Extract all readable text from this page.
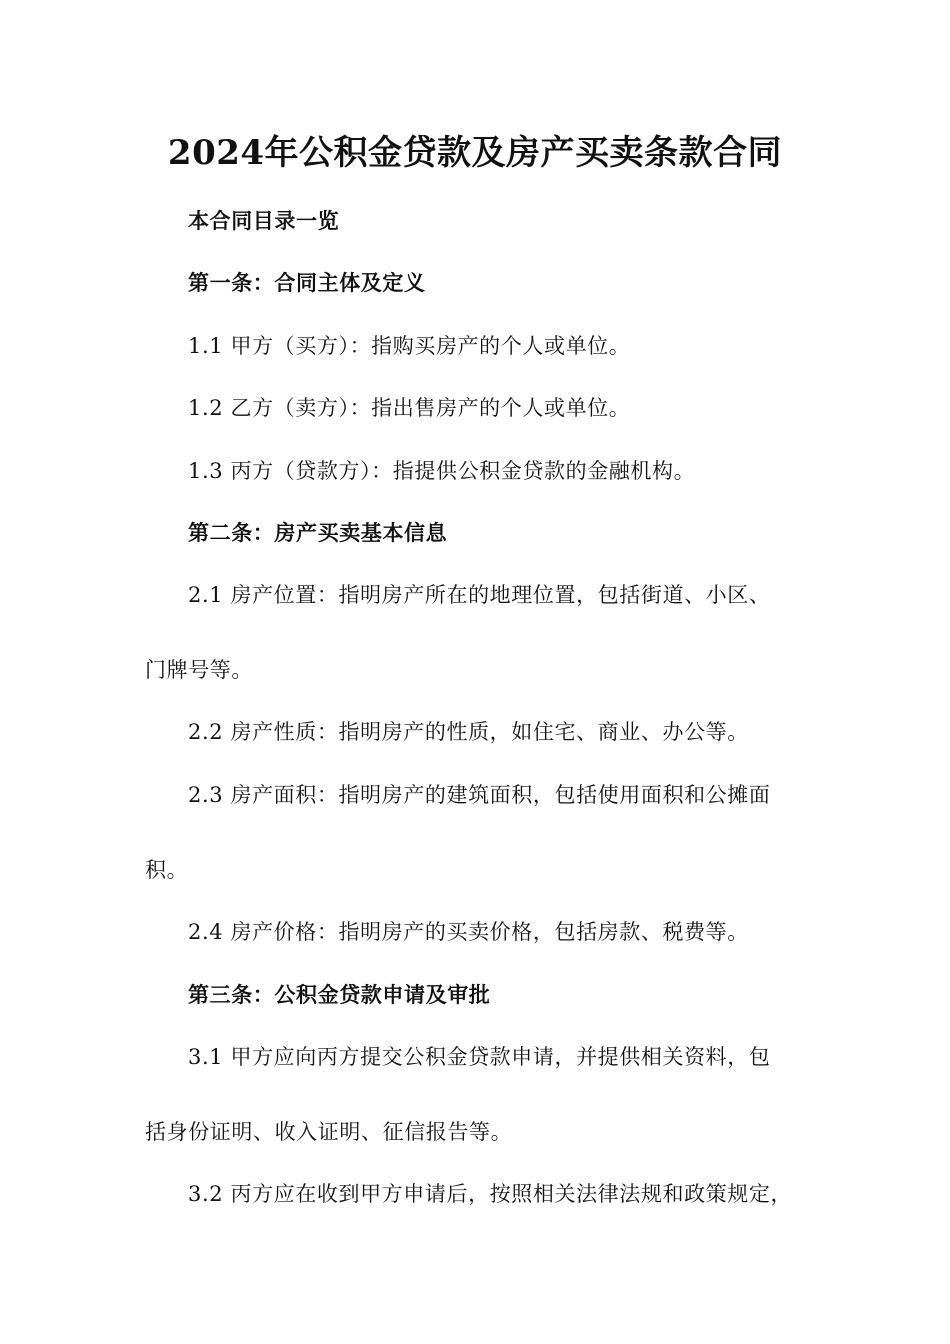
2024年公积金贷款及房产买卖条款合同
本合同目录一览
第一条：合同主体及定义
1.1 甲方（买方）：指购买房产的个人或单位。
1.2 乙方（卖方）：指出售房产的个人或单位。
1.3 丙方（贷款方）：指提供公积金贷款的金融机构。
第二条：房产买卖基本信息
2.1 房产位置：指明房产所在的地理位置，包括街道、小区、
门牌号等。
2.2 房产性质：指明房产的性质，如住宅、商业、办公等。
2.3 房产面积：指明房产的建筑面积，包括使用面积和公摊面
积。
2.4 房产价格：指明房产的买卖价格，包括房款、税费等。
第三条：公积金贷款申请及审批
3.1 甲方应向丙方提交公积金贷款申请，并提供相关资料，包
括身份证明、收入证明、征信报告等。
3.2 丙方应在收到甲方申请后，按照相关法律法规和政策规定，
